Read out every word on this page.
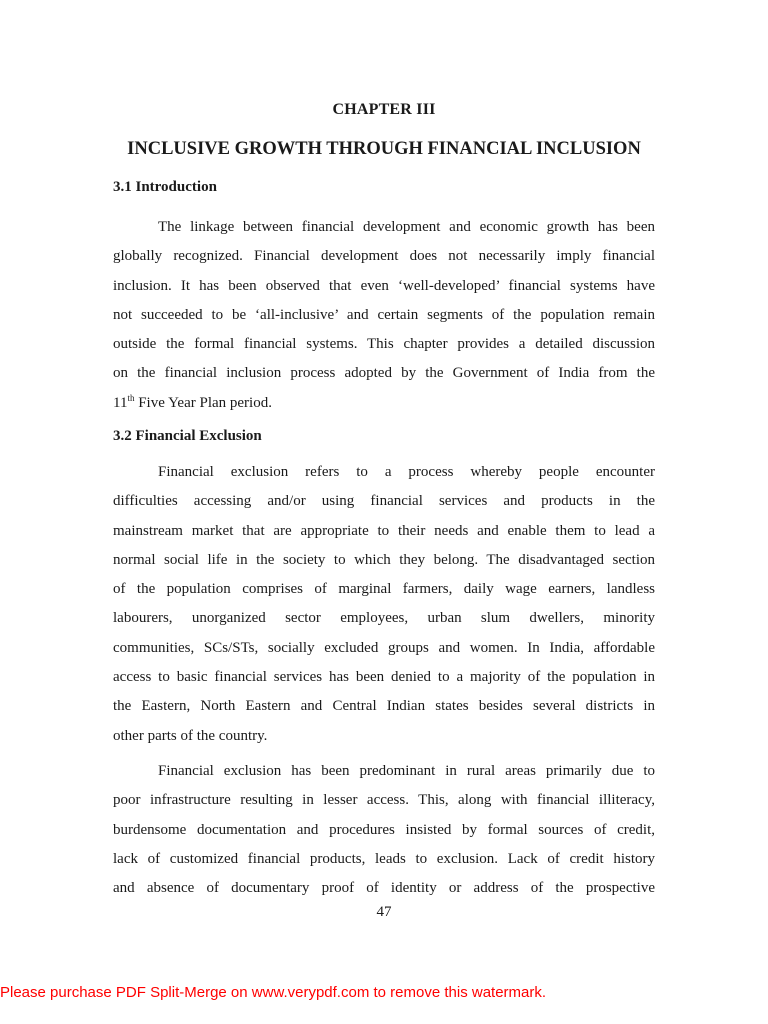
CHAPTER III
INCLUSIVE GROWTH THROUGH FINANCIAL INCLUSION
3.1 Introduction
The linkage between financial development and economic growth has been
globally recognized. Financial development does not necessarily imply financial
inclusion. It has been observed that even ‘well-developed’ financial systems have
not succeeded to be ‘all-inclusive’ and certain segments of the population remain
outside the formal financial systems. This chapter provides a detailed discussion
on the financial inclusion process adopted by the Government of India from the
11th Five Year Plan period.
3.2 Financial Exclusion
Financial exclusion refers to a process whereby people encounter
difficulties accessing and/or using financial services and products in the
mainstream market that are appropriate to their needs and enable them to lead a
normal social life in the society to which they belong. The disadvantaged section
of the population comprises of marginal farmers, daily wage earners, landless
labourers, unorganized sector employees, urban slum dwellers, minority
communities, SCs/STs, socially excluded groups and women. In India, affordable
access to basic financial services has been denied to a majority of the population in
the Eastern, North Eastern and Central Indian states besides several districts in
other parts of the country.
Financial exclusion has been predominant in rural areas primarily due to
poor infrastructure resulting in lesser access. This, along with financial illiteracy,
burdensome documentation and procedures insisted by formal sources of credit,
lack of customized financial products, leads to exclusion. Lack of credit history
and absence of documentary proof of identity or address of the prospective
47
Please purchase PDF Split-Merge on www.verypdf.com to remove this watermark.
